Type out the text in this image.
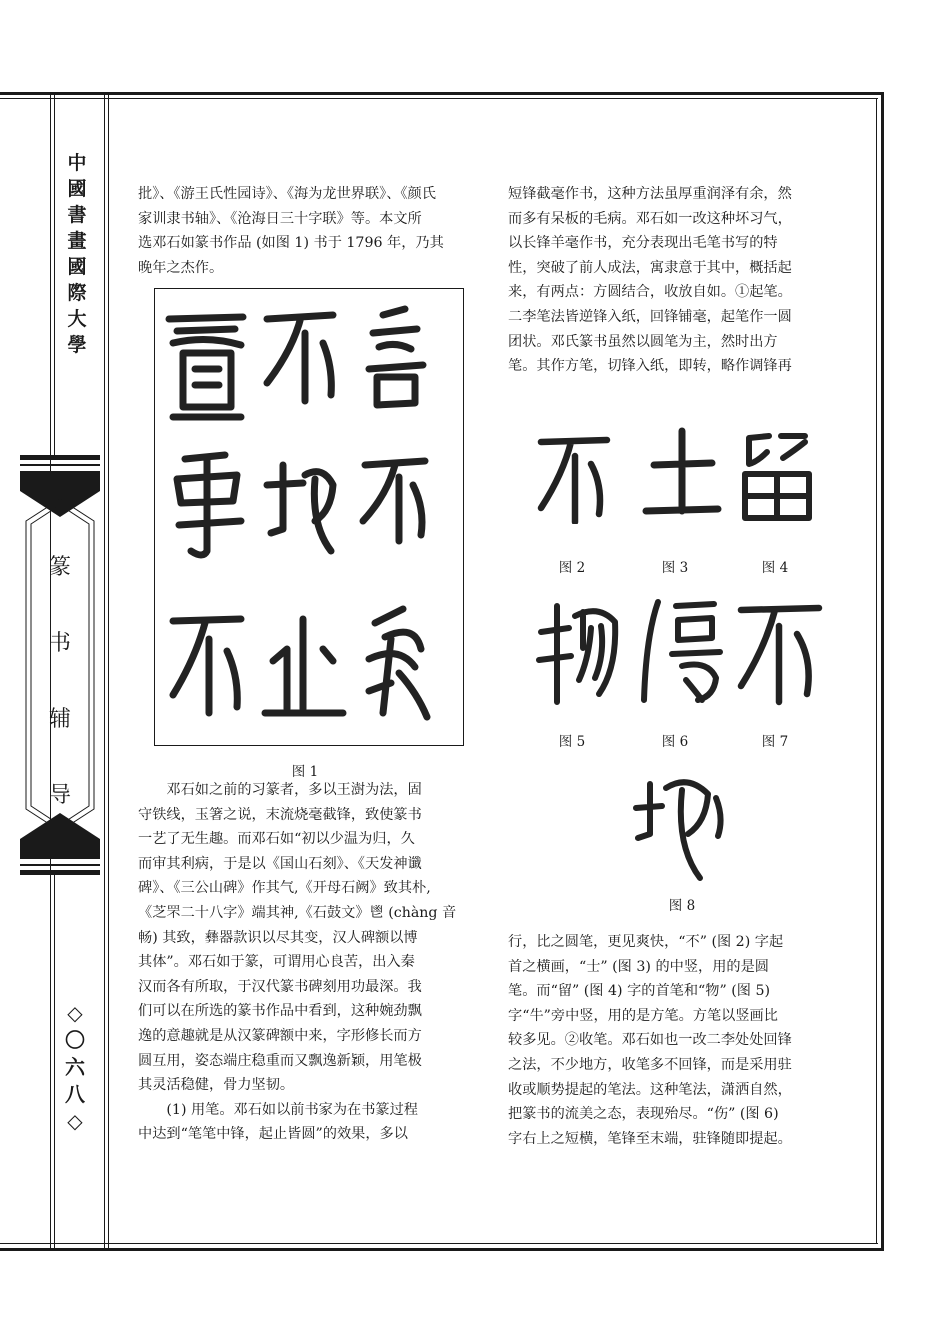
中
國
書
畫
國
際
大
學
篆
书
辅
导
◇
〇
六
八
◇

批》、《游王氏性园诗》、《海为龙世界联》、《颜氏

家训隶书轴》、《沧海日三十字联》等。本文所

选邓石如篆书作品 (如图 1) 书于 1796 年，乃其

晚年之杰作。

图 1

邓石如之前的习篆者，多以王澍为法，固

守铁线，玉箸之说，末流烧毫截锋，致使篆书

一艺了无生趣。而邓石如“初以少温为归，久

而审其利病，于是以《国山石刻》、《天发神谶

碑》、《三公山碑》作其气,《开母石阙》致其朴,

《芝罘二十八字》端其神,《石鼓文》鬯 (chàng 音

畅) 其致，彝器款识以尽其变，汉人碑额以博

其体”。邓石如于篆，可谓用心良苦，出入秦

汉而各有所取，于汉代篆书碑刻用功最深。我

们可以在所选的篆书作品中看到，这种婉劲飘

逸的意趣就是从汉篆碑额中来，字形修长而方

圆互用，姿态端庄稳重而又飘逸新颖，用笔极

其灵活稳健，骨力坚韧。

(1) 用笔。邓石如以前书家为在书篆过程

中达到“笔笔中锋，起止皆圆”的效果，多以

短锋截毫作书，这种方法虽厚重润泽有余，然

而多有呆板的毛病。邓石如一改这种坏习气，

以长锋羊毫作书，充分表现出毛笔书写的特

性，突破了前人成法，寓隶意于其中，概括起

来，有两点：方圆结合，收放自如。①起笔。

二李笔法皆逆锋入纸，回锋铺毫，起笔作一圆

团状。邓氏篆书虽然以圆笔为主，然时出方

笔。其作方笔，切锋入纸，即转，略作调锋再

图 2	图 3	图 4
图 5	图 6	图 7
图 8

行，比之圆笔，更见爽快，“不” (图 2) 字起

首之横画，“士” (图 3) 的中竖，用的是圆

笔。而“留” (图 4) 字的首笔和“物” (图 5)

字“牛”旁中竖，用的是方笔。方笔以竖画比

较多见。②收笔。邓石如也一改二李处处回锋

之法，不少地方，收笔多不回锋，而是采用驻

收或顺势提起的笔法。这种笔法，潇洒自然，

把篆书的流美之态，表现殆尽。“伤” (图 6)

字右上之短横，笔锋至末端，驻锋随即提起。
